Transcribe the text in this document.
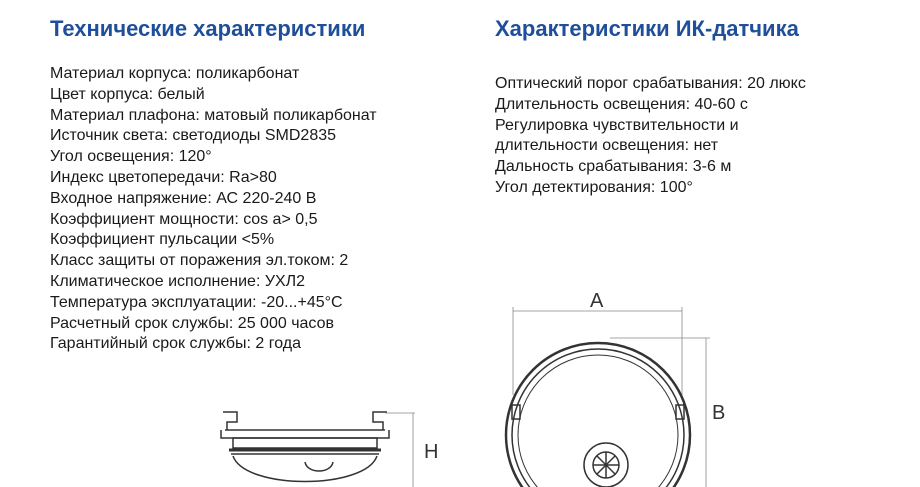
Технические характеристики
Материал корпуса: поликарбонат
Цвет корпуса: белый
Материал плафона: матовый поликарбонат
Источник света: светодиоды SMD2835
Угол освещения: 120°
Индекс цветопередачи: Ra>80
Входное напряжение: АС 220-240 В
Коэффициент мощности: cos a> 0,5
Коэффициент пульсации <5%
Класс защиты от поражения эл.током: 2
Климатическое исполнение: УХЛ2
Температура эксплуатации: -20...+45°С
Расчетный срок службы: 25 000 часов
Гарантийный срок службы: 2 года
Характеристики ИК-датчика
Оптический порог срабатывания: 20 люкс
Длительность освещения: 40-60 с
Регулировка чувствительности и
длительности освещения: нет
Дальность срабатывания: 3-6 м
Угол детектирования: 100°
H
A
B
